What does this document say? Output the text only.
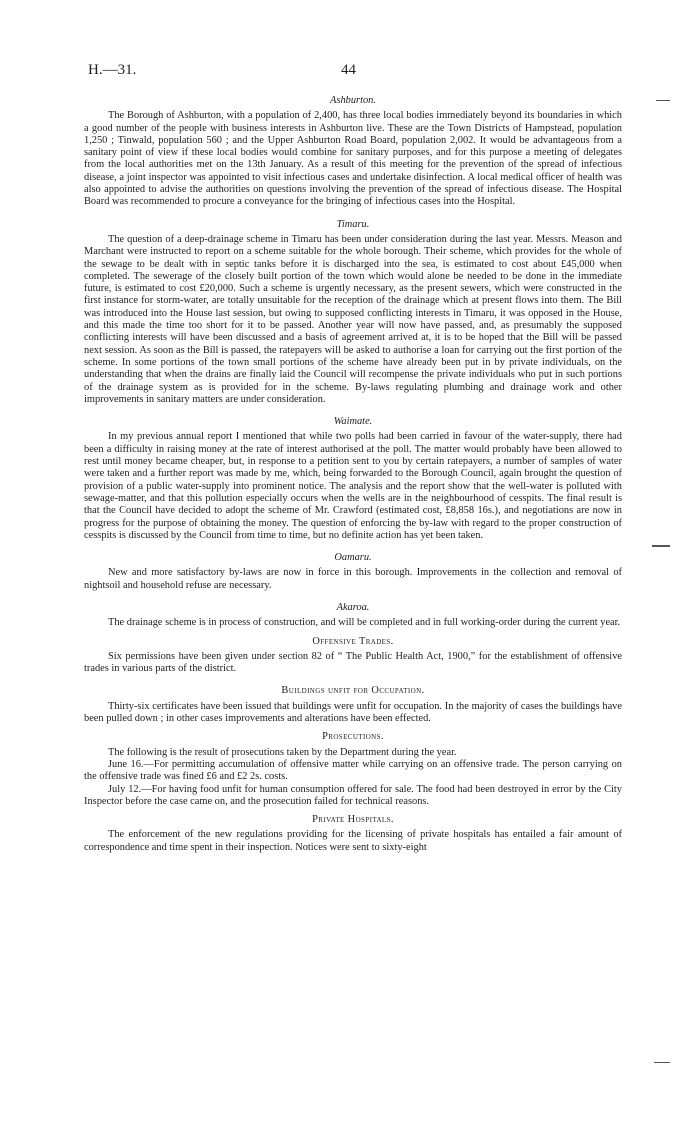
H.—31.	44
Ashburton.

The Borough of Ashburton, with a population of 2,400, has three local bodies immediately beyond its boundaries in which a good number of the people with business interests in Ashburton live. These are the Town Districts of Hampstead, population 1,250 ; Tinwald, population 560 ; and the Upper Ashburton Road Board, population 2,002. It would be advantageous from a sanitary point of view if these local bodies would combine for sanitary purposes, and for this purpose a meeting of delegates from the local authorities met on the 13th January. As a result of this meeting for the prevention of the spread of infectious disease, a joint inspector was appointed to visit infectious cases and undertake disinfection. A local medical officer of health was also appointed to advise the authorities on questions involving the prevention of the spread of infectious disease. The Hospital Board was recommended to procure a conveyance for the bringing of infectious cases into the Hospital.

Timaru.

The question of a deep-drainage scheme in Timaru has been under consideration during the last year. Messrs. Meason and Marchant were instructed to report on a scheme suitable for the whole borough. Their scheme, which provides for the whole of the sewage to be dealt with in septic tanks before it is discharged into the sea, is estimated to cost about £45,000 when completed. The sewerage of the closely built portion of the town which would alone be needed to be done in the immediate future, is estimated to cost £20,000. Such a scheme is urgently necessary, as the present sewers, which were constructed in the first instance for storm-water, are totally unsuitable for the reception of the drainage which at present flows into them. The Bill was introduced into the House last session, but owing to supposed conflicting interests in Timaru, it was opposed in the House, and this made the time too short for it to be passed. Another year will now have passed, and, as presumably the supposed conflicting interests will have been discussed and a basis of agreement arrived at, it is to be hoped that the Bill will be passed next session. As soon as the Bill is passed, the ratepayers will be asked to authorise a loan for carrying out the first portion of the scheme. In some portions of the town small portions of the scheme have already been put in by private individuals, on the understanding that when the drains are finally laid the Council will recompense the private individuals who put in such portions of the drainage system as is provided for in the scheme. By-laws regulating plumbing and drainage work and other improvements in sanitary matters are under consideration.

Waimate.

In my previous annual report I mentioned that while two polls had been carried in favour of the water-supply, there had been a difficulty in raising money at the rate of interest authorised at the poll. The matter would probably have been allowed to rest until money became cheaper, but, in response to a petition sent to you by certain ratepayers, a number of samples of water were taken and a further report was made by me, which, being forwarded to the Borough Council, again brought the question of provision of a public water-supply into prominent notice. The analysis and the report show that the well-water is polluted with sewage-matter, and that this pollution especially occurs when the wells are in the neighbourhood of cesspits. The final result is that the Council have decided to adopt the scheme of Mr. Crawford (estimated cost, £8,858 16s.), and negotiations are now in progress for the purpose of obtaining the money. The question of enforcing the by-law with regard to the proper construction of cesspits is discussed by the Council from time to time, but no definite action has yet been taken.

Oamaru.

New and more satisfactory by-laws are now in force in this borough. Improvements in the collection and removal of nightsoil and household refuse are necessary.

Akaroa.

The drainage scheme is in process of construction, and will be completed and in full working-order during the current year.

Offensive Trades.

Six permissions have been given under section 82 of “ The Public Health Act, 1900,” for the establishment of offensive trades in various parts of the district.

Buildings unfit for Occupation.

Thirty-six certificates have been issued that buildings were unfit for occupation. In the majority of cases the buildings have been pulled down ; in other cases improvements and alterations have been effected.

Prosecutions.

The following is the result of prosecutions taken by the Department during the year.

June 16.—For permitting accumulation of offensive matter while carrying on an offensive trade. The person carrying on the offensive trade was fined £6 and £2 2s. costs.

July 12.—For having food unfit for human consumption offered for sale. The food had been destroyed in error by the City Inspector before the case came on, and the prosecution failed for technical reasons.

Private Hospitals.

The enforcement of the new regulations providing for the licensing of private hospitals has entailed a fair amount of correspondence and time spent in their inspection. Notices were sent to sixty-eight
